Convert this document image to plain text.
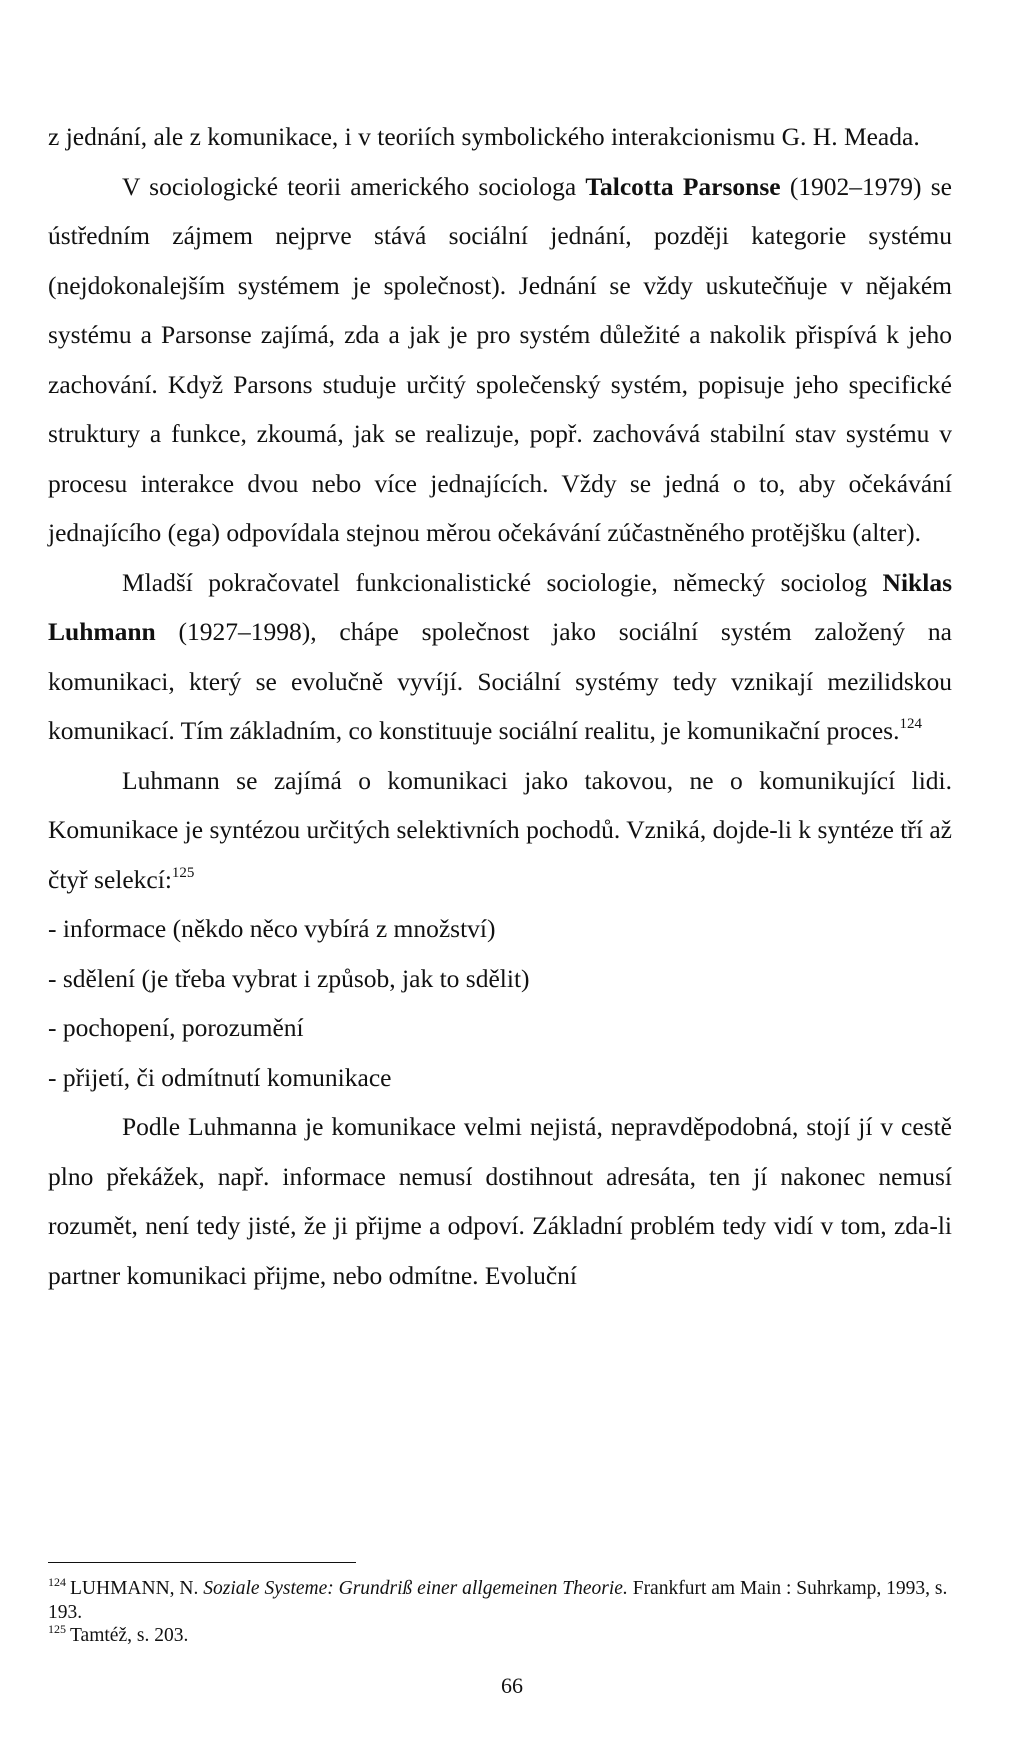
z jednání, ale z komunikace, i v teoriích symbolického interakcionismu G. H. Meada.

V sociologické teorii amerického sociologa Talcotta Parsonse (1902–1979) se ústředním zájmem nejprve stává sociální jednání, později kategorie systému (nejdokonalejším systémem je společnost). Jednání se vždy uskutečňuje v nějakém systému a Parsonse zajímá, zda a jak je pro systém důležité a nakolik přispívá k jeho zachování. Když Parsons studuje určitý společenský systém, popisuje jeho specifické struktury a funkce, zkoumá, jak se realizuje, popř. zachovává stabilní stav systému v procesu interakce dvou nebo více jednajících. Vždy se jedná o to, aby očekávání jednajícího (ega) odpovídala stejnou měrou očekávání zúčastněného protějšku (alter).

Mladší pokračovatel funkcionalistické sociologie, německý sociolog Niklas Luhmann (1927–1998), chápe společnost jako sociální systém založený na komunikaci, který se evolučně vyvíjí. Sociální systémy tedy vznikají mezilidskou komunikací. Tím základním, co konstituuje sociální realitu, je komunikační proces.$^{124}$

Luhmann se zajímá o komunikaci jako takovou, ne o komunikující lidi. Komunikace je syntézou určitých selektivních pochodů. Vzniká, dojde-li k syntéze tří až čtyř selekcí:$^{125}$

- informace (někdo něco vybírá z množství)

- sdělení (je třeba vybrat i způsob, jak to sdělit)

- pochopení, porozumění

- přijetí, či odmítnutí komunikace

Podle Luhmanna je komunikace velmi nejistá, nepravděpodobná, stojí jí v cestě plno překážek, např. informace nemusí dostihnout adresáta, ten jí nakonec nemusí rozumět, není tedy jisté, že ji přijme a odpoví. Základní problém tedy vidí v tom, zda-li partner komunikaci přijme, nebo odmítne. Evoluční

$^{124}$ LUHMANN, N. Soziale Systeme: Grundriß einer allgemeinen Theorie. Frankfurt am Main : Suhrkamp, 1993, s. 193.

$^{125}$ Tamtéž, s. 203.

66
